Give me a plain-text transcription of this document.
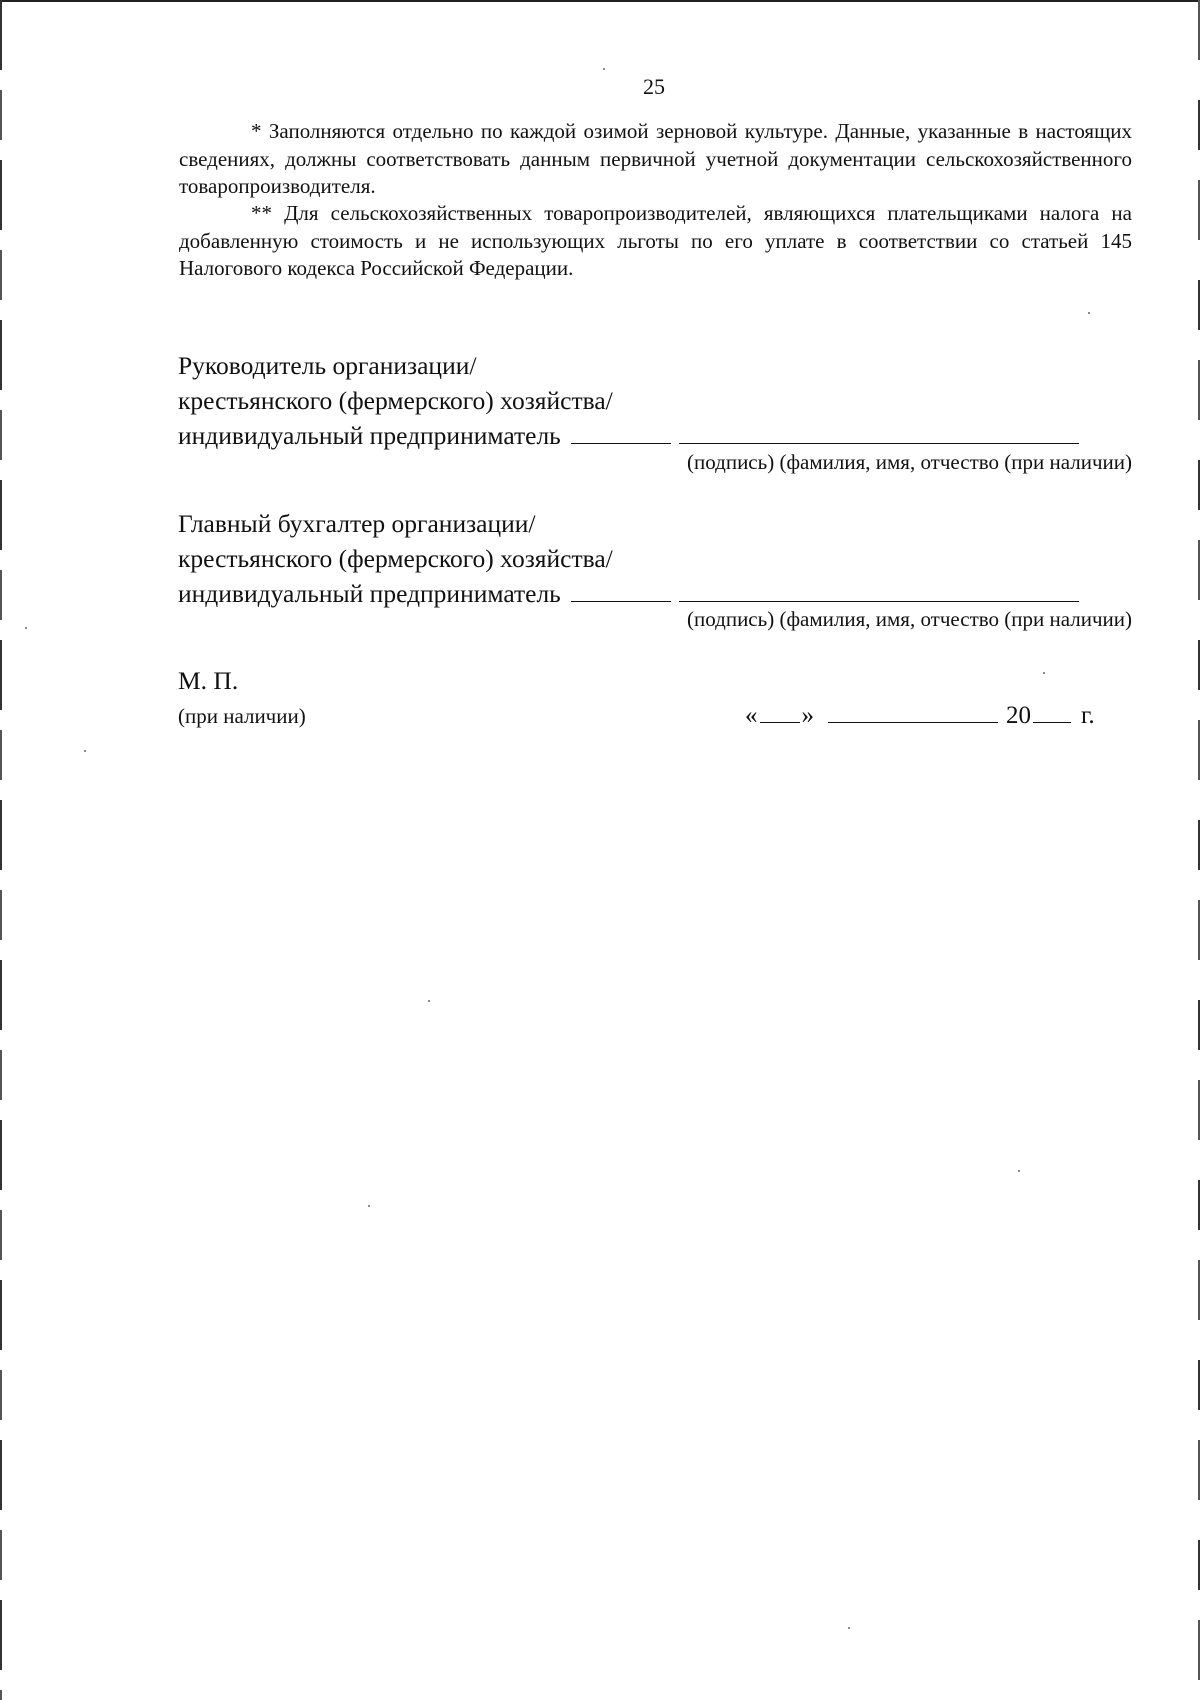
25

* Заполняются отдельно по каждой озимой зерновой культуре. Данные, указанные в настоящих сведениях, должны соответствовать данным первичной учетной документации сельскохозяйственного товаропроизводителя.

** Для сельскохозяйственных товаропроизводителей, являющихся плательщиками налога на добавленную стоимость и не использующих льготы по его уплате в соответствии со статьей 145 Налогового кодекса Российской Федерации.

Руководитель организации/
крестьянского (фермерского) хозяйства/
индивидуальный предприниматель
(подпись) (фамилия, имя, отчество (при наличии)
Главный бухгалтер организации/
крестьянского (фермерского) хозяйства/
индивидуальный предприниматель
(подпись) (фамилия, имя, отчество (при наличии)
М. П.
(при наличии)	« »	20 г.
